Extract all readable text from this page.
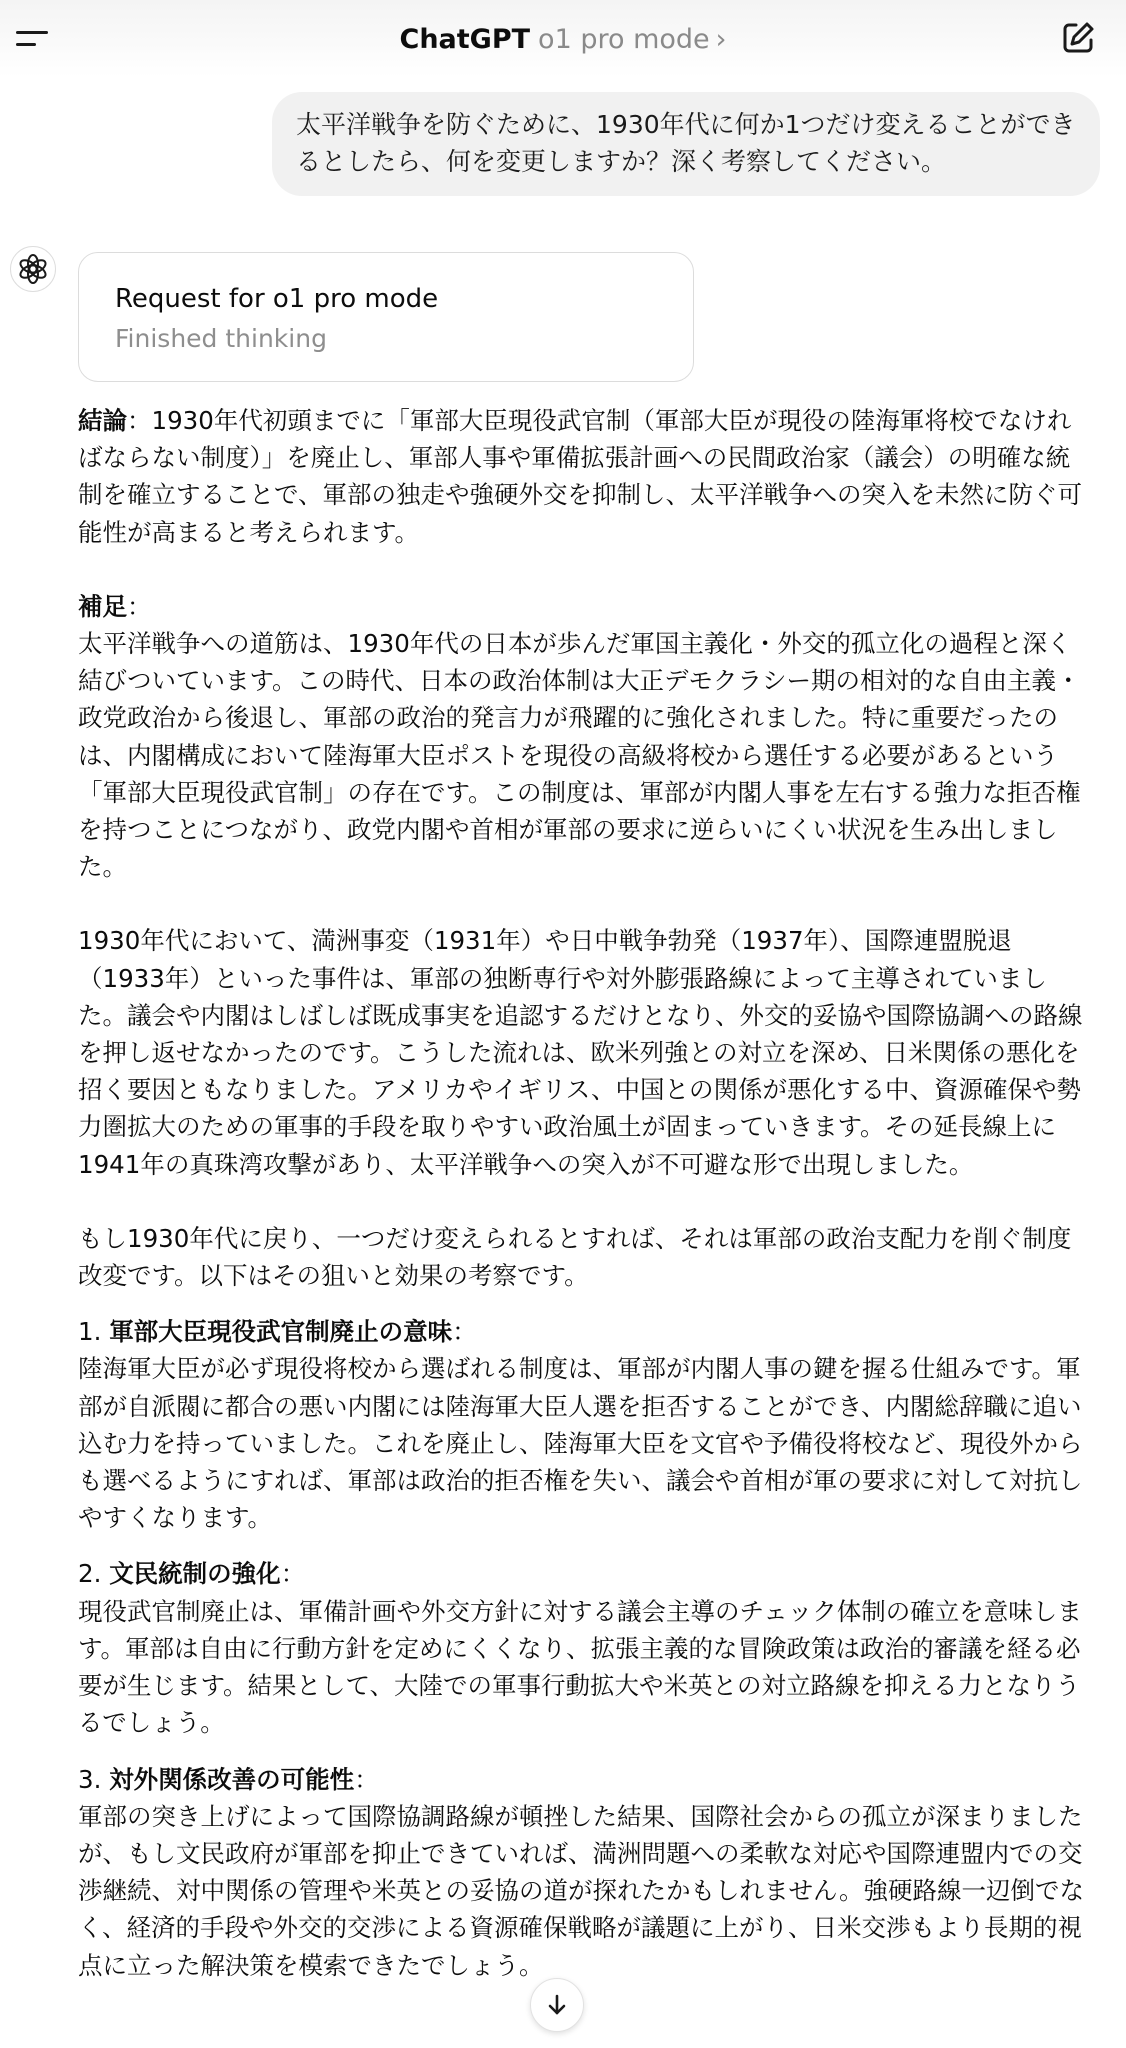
ChatGPT o1 pro mode ›
太平洋戦争を防ぐために、1930年代に何か1つだけ変えることができるとしたら、何を変更しますか？深く考察してください。
Request for o1 pro mode
Finished thinking

結論：1930年代初頭までに「軍部大臣現役武官制（軍部大臣が現役の陸海軍将校でなければならない制度）」を廃止し、軍部人事や軍備拡張計画への民間政治家（議会）の明確な統制を確立することで、軍部の独走や強硬外交を抑制し、太平洋戦争への突入を未然に防ぐ可能性が高まると考えられます。

補足：

太平洋戦争への道筋は、1930年代の日本が歩んだ軍国主義化・外交的孤立化の過程と深く結びついています。この時代、日本の政治体制は大正デモクラシー期の相対的な自由主義・政党政治から後退し、軍部の政治的発言力が飛躍的に強化されました。特に重要だったのは、内閣構成において陸海軍大臣ポストを現役の高級将校から選任する必要があるという「軍部大臣現役武官制」の存在です。この制度は、軍部が内閣人事を左右する強力な拒否権を持つことにつながり、政党内閣や首相が軍部の要求に逆らいにくい状況を生み出しました。

1930年代において、満洲事変（1931年）や日中戦争勃発（1937年）、国際連盟脱退（1933年）といった事件は、軍部の独断専行や対外膨張路線によって主導されていました。議会や内閣はしばしば既成事実を追認するだけとなり、外交的妥協や国際協調への路線を押し返せなかったのです。こうした流れは、欧米列強との対立を深め、日米関係の悪化を招く要因ともなりました。アメリカやイギリス、中国との関係が悪化する中、資源確保や勢力圏拡大のための軍事的手段を取りやすい政治風土が固まっていきます。その延長線上に1941年の真珠湾攻撃があり、太平洋戦争への突入が不可避な形で出現しました。

もし1930年代に戻り、一つだけ変えられるとすれば、それは軍部の政治支配力を削ぐ制度改変です。以下はその狙いと効果の考察です。

1. 軍部大臣現役武官制廃止の意味：

陸海軍大臣が必ず現役将校から選ばれる制度は、軍部が内閣人事の鍵を握る仕組みです。軍部が自派閥に都合の悪い内閣には陸海軍大臣人選を拒否することができ、内閣総辞職に追い込む力を持っていました。これを廃止し、陸海軍大臣を文官や予備役将校など、現役外からも選べるようにすれば、軍部は政治的拒否権を失い、議会や首相が軍の要求に対して対抗しやすくなります。

2. 文民統制の強化：

現役武官制廃止は、軍備計画や外交方針に対する議会主導のチェック体制の確立を意味します。軍部は自由に行動方針を定めにくくなり、拡張主義的な冒険政策は政治的審議を経る必要が生じます。結果として、大陸での軍事行動拡大や米英との対立路線を抑える力となりうるでしょう。

3. 対外関係改善の可能性：

軍部の突き上げによって国際協調路線が頓挫した結果、国際社会からの孤立が深まりましたが、もし文民政府が軍部を抑止できていれば、満洲問題への柔軟な対応や国際連盟内での交渉継続、対中関係の管理や米英との妥協の道が探れたかもしれません。強硬路線一辺倒でなく、経済的手段や外交的交渉による資源確保戦略が議題に上がり、日米交渉もより長期的視点に立った解決策を模索できたでしょう。
